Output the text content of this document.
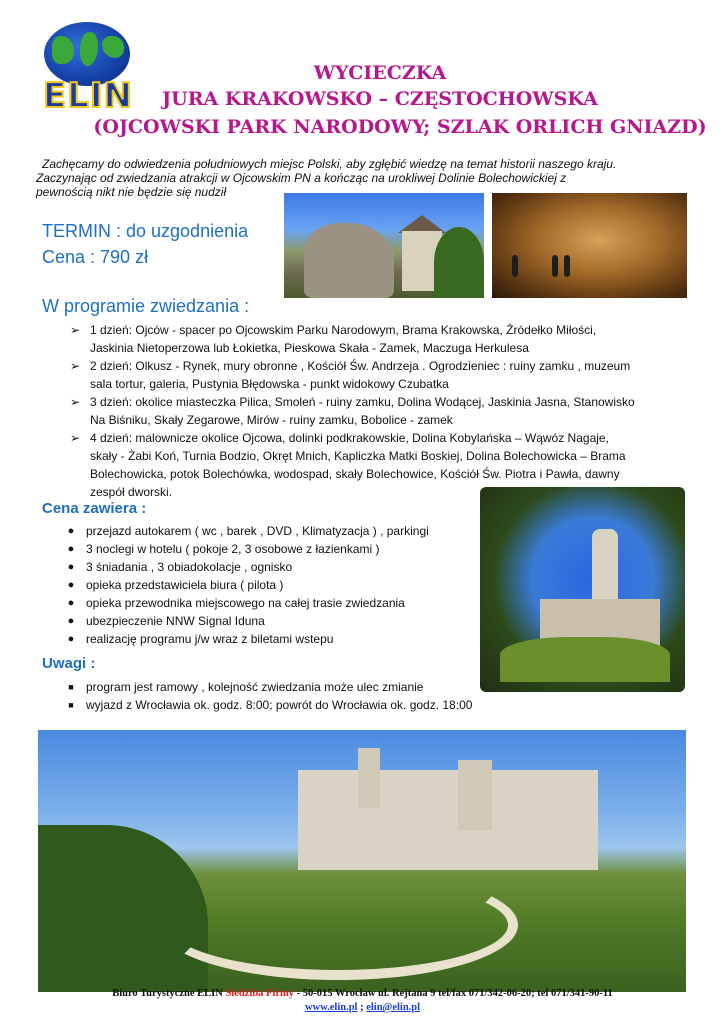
ELIN
WYCIECZKA
JURA KRAKOWSKO – CZĘSTOCHOWSKA
(OJCOWSKI PARK NARODOWY; SZLAK ORLICH GNIAZD)
Zachęcamy do odwiedzenia południowych miejsc Polski, aby zgłębić wiedzę na temat historii naszego kraju.
Zaczynając od zwiedzania atrakcji w Ojcowskim PN a kończąc na urokliwej Dolinie Bolechowickiej z
pewnością nikt nie będzie się nudził
TERMIN : do uzgodnienia
Cena : 790 zł
W programie zwiedzania :
➢ 1 dzień: Ojców - spacer po Ojcowskim Parku Narodowym, Brama Krakowska, Źródełko Miłości,
Jaskinia Nietoperzowa lub Łokietka, Pieskowa Skała - Zamek, Maczuga Herkulesa
➢ 2 dzień: Olkusz - Rynek, mury obronne , Kościół Św. Andrzeja . Ogrodzieniec : ruiny zamku , muzeum
sala tortur, galeria, Pustynia Błędowska - punkt widokowy Czubatka
➢ 3 dzień: okolice miasteczka Pilica, Smoleń - ruiny zamku, Dolina Wodącej, Jaskinia Jasna, Stanowisko
Na Biśniku, Skały Zegarowe, Mirów - ruiny zamku, Bobolice - zamek
➢ 4 dzień: malownicze okolice Ojcowa, dolinki podkrakowskie, Dolina Kobylańska – Wąwóz Nagaje,
skały - Żabi Koń, Turnia Bodzio, Okręt Mnich, Kapliczka Matki Boskiej, Dolina Bolechowicka – Brama
Bolechowicka, potok Bolechówka, wodospad, skały Bolechowice, Kościół Św. Piotra i Pawła, dawny
zespół dworski.
Cena zawiera :
● przejazd autokarem ( wc , barek , DVD , Klimatyzacja ) , parkingi
● 3 noclegi w hotelu ( pokoje 2, 3 osobowe z łazienkami )
● 3 śniadania , 3 obiadokolacje , ognisko
● opieka przedstawiciela biura ( pilota )
● opieka przewodnika miejscowego na całej trasie zwiedzania
● ubezpieczenie NNW Signal Iduna
● realizację programu j/w wraz z biletami wstepu
Uwagi :
■	program jest ramowy , kolejność zwiedzania może ulec zmianie
■	wyjazd z Wrocławia ok. godz. 8:00; powrót do Wrocławia ok. godz. 18:00
Biuro Turystyczne ELIN Siedziba Firmy - 50-015 Wrocław ul. Rejtana 9 tel/fax 071/342-06-20; tel 071/341-90-11
www.elin.pl ; elin@elin.pl
